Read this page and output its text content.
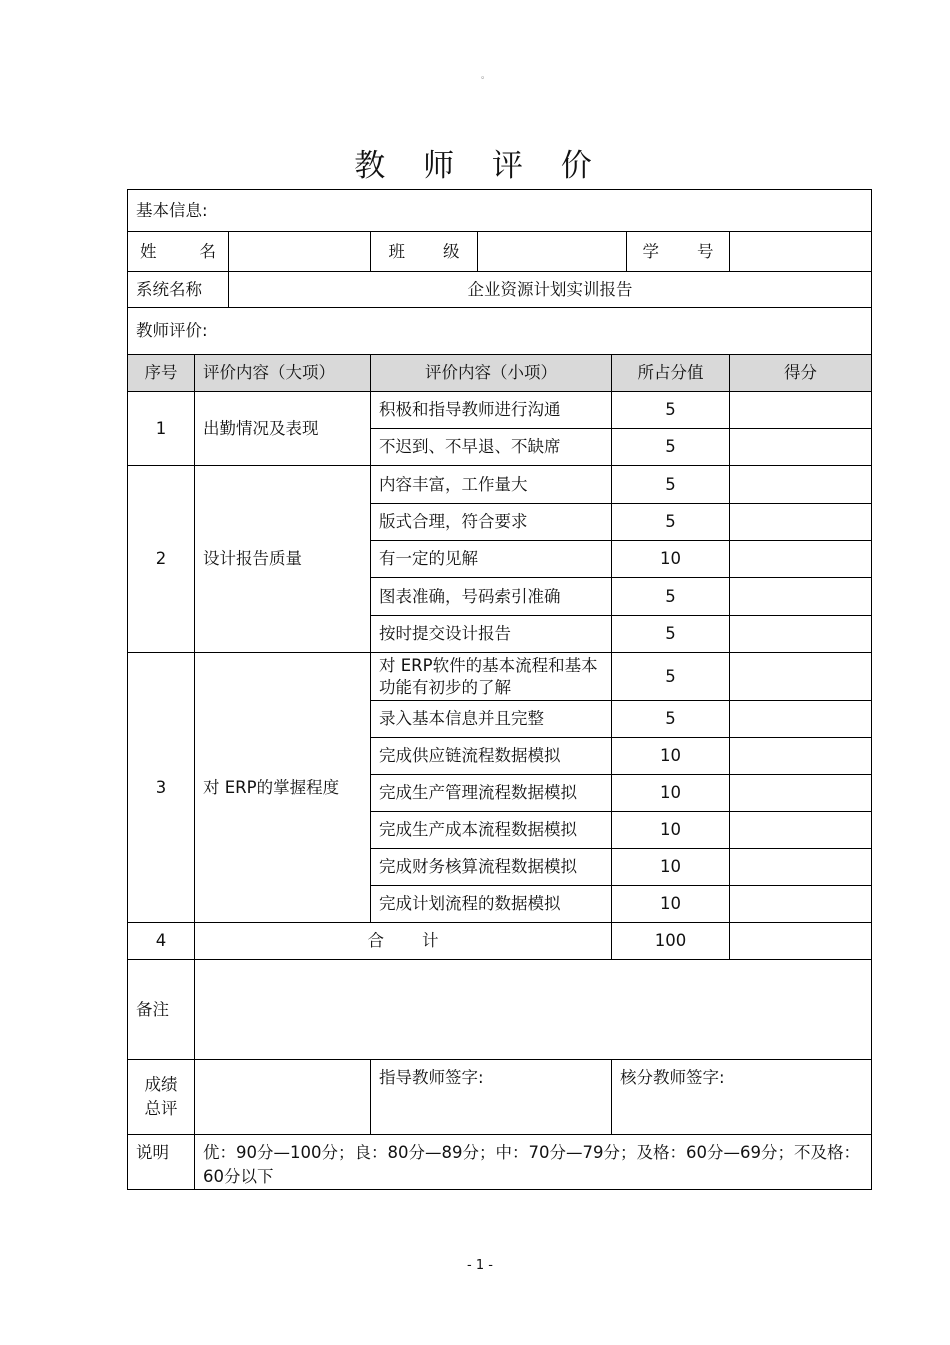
。
教 师 评 价
基本信息:							

姓 名			班 级			学 号	

系统名称		企业资源计划实训报告					
教师评价:							
序号	评价内容（大项）		评价内容（小项）		所占分值		得分
1	出勤情况及表现		积极和指导教师进行沟通		5		
			不迟到、不早退、不缺席		5		
2	设计报告质量		内容丰富，工作量大		5		
			版式合理，符合要求		5		
			有一定的见解		10		
			图表准确，号码索引准确		5		
			按时提交设计报告		5		
3	对 ERP的掌握程度		对 ERP软件的基本流程和基本功能有初步的了解		5		
			录入基本信息并且完整		5		
			完成供应链流程数据模拟		10		
			完成生产管理流程数据模拟		10		
			完成生产成本流程数据模拟		10		
			完成财务核算流程数据模拟		10		
			完成计划流程的数据模拟		10		
4	合 计				100		
备注							
成绩总评			指导教师签字:		核分教师签字:		
说明	优：90分—100分；良：80分—89分；中：70分—79分；及格：60分—69分；不及格：60分以下						
- 1 -
